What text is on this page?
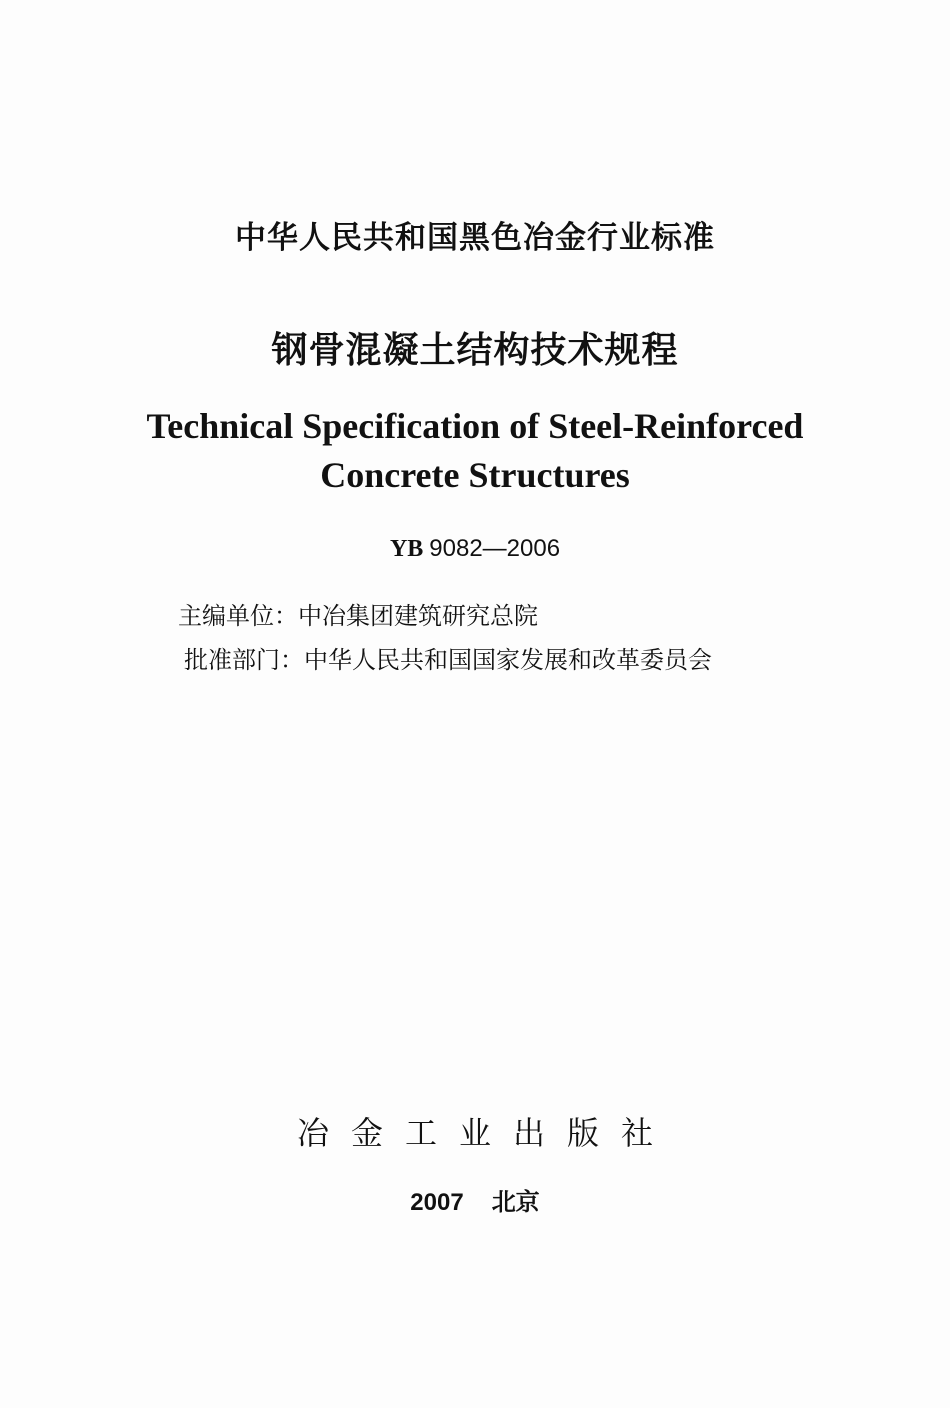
中华人民共和国黑色冶金行业标准
钢骨混凝土结构技术规程
Technical Specification of Steel-Reinforced
Concrete Structures
YB 9082—2006
主编单位：中冶集团建筑研究总院
批准部门：中华人民共和国国家发展和改革委员会
冶金工业出版社
2007 北京
